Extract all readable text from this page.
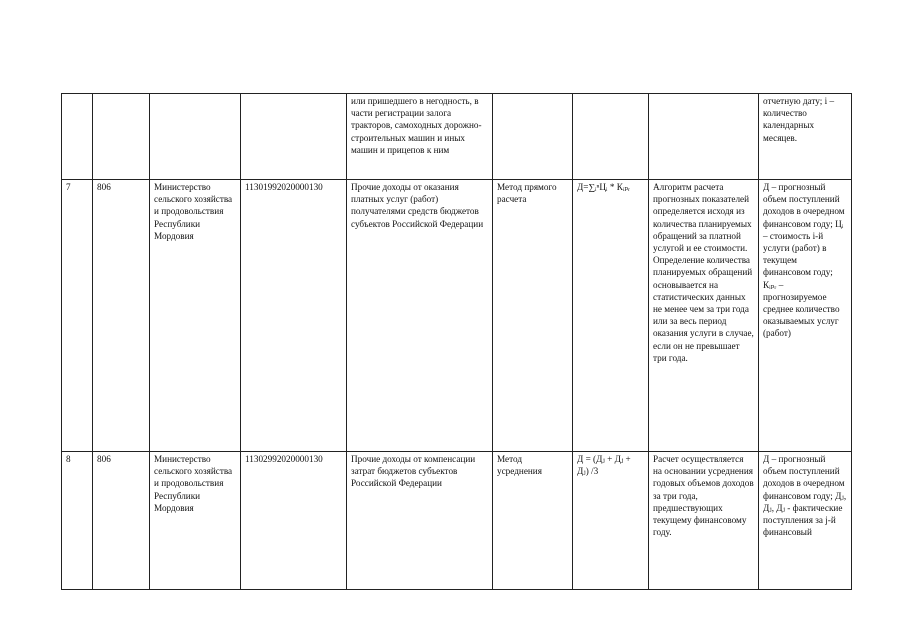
				или пришедшего в негодность, в части регистрации залога тракторов, самоходных дорожно-строительных машин и иных машин и прицепов к ним				отчетную дату; i – количество календарных месяцев.
7	806	Министерство сельского хозяйства и продовольствия Республики Мордовия	11301992020000130	Прочие доходы от оказания платных услуг (работ) получателями средств бюджетов субъектов Российской Федерации	Метод прямого расчета	Д=∑ᵢⁿЦᵢ * Кᵢₚᵣ	Алгоритм расчета прогнозных показателей определяется исходя из количества планируемых обращений за платной услугой и ее стоимости. Определение количества планируемых обращений основывается на статистических данных не менее чем за три года или за весь период оказания услуги в случае, если он не превышает три года.	Д – прогнозный объем поступлений доходов в очередном финансовом году; Цᵢ – стоимость i-й услуги (работ) в текущем финансовом году; Кᵢₚᵣ – прогнозируемое среднее количество оказываемых услуг (работ)
8	806	Министерство сельского хозяйства и продовольствия Республики Мордовия	11302992020000130	Прочие доходы от компенсации затрат бюджетов субъектов Российской Федерации	Метод усреднения	Д = (Дⱼ + Дⱼ + Дⱼ) /3	Расчет осуществляется на основании усреднения годовых объемов доходов за три года, предшествующих текущему финансовому году.	Д – прогнозный объем поступлений доходов в очередном финансовом году; Дⱼ, Дⱼ, Дⱼ - фактические поступления за j-й финансовый
